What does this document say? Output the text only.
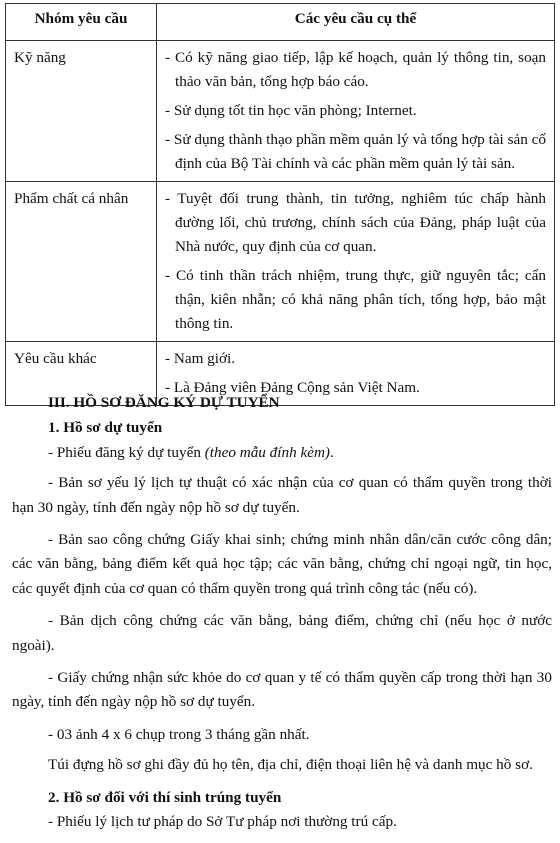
Nhóm yêu cầu	Các yêu cầu cụ thể
Kỹ năng	- Có kỹ năng giao tiếp, lập kế hoạch, quản lý thông tin, soạn thảo văn bản, tổng hợp báo cáo.

- Sử dụng tốt tin học văn phòng; Internet.

- Sử dụng thành thạo phần mềm quản lý và tổng hợp tài sản cố định của Bộ Tài chính và các phần mềm quản lý tài sản.

Phẩm chất cá nhân	- Tuyệt đối trung thành, tin tưởng, nghiêm túc chấp hành đường lối, chủ trương, chính sách của Đảng, pháp luật của Nhà nước, quy định của cơ quan.

- Có tinh thần trách nhiệm, trung thực, giữ nguyên tắc; cẩn thận, kiên nhẫn; có khả năng phân tích, tổng hợp, bảo mật thông tin.

Yêu cầu khác	- Nam giới.

- Là Đảng viên Đảng Cộng sản Việt Nam.

III. HỒ SƠ ĐĂNG KÝ DỰ TUYỂN

1. Hồ sơ dự tuyển

- Phiếu đăng ký dự tuyển (theo mẫu đính kèm).

- Bản sơ yếu lý lịch tự thuật có xác nhận của cơ quan có thẩm quyền trong thời hạn 30 ngày, tính đến ngày nộp hồ sơ dự tuyển.

- Bản sao công chứng Giấy khai sinh; chứng minh nhân dân/căn cước công dân; các văn bằng, bảng điểm kết quả học tập; các văn bằng, chứng chỉ ngoại ngữ, tin học, các quyết định của cơ quan có thẩm quyền trong quá trình công tác (nếu có).

- Bản dịch công chứng các văn bằng, bảng điểm, chứng chỉ (nếu học ở nước ngoài).

- Giấy chứng nhận sức khỏe do cơ quan y tế có thẩm quyền cấp trong thời hạn 30 ngày, tính đến ngày nộp hồ sơ dự tuyển.

- 03 ảnh 4 x 6 chụp trong 3 tháng gần nhất.

Túi đựng hồ sơ ghi đầy đủ họ tên, địa chỉ, điện thoại liên hệ và danh mục hồ sơ.

2. Hồ sơ đối với thí sinh trúng tuyển

- Phiếu lý lịch tư pháp do Sở Tư pháp nơi thường trú cấp.
